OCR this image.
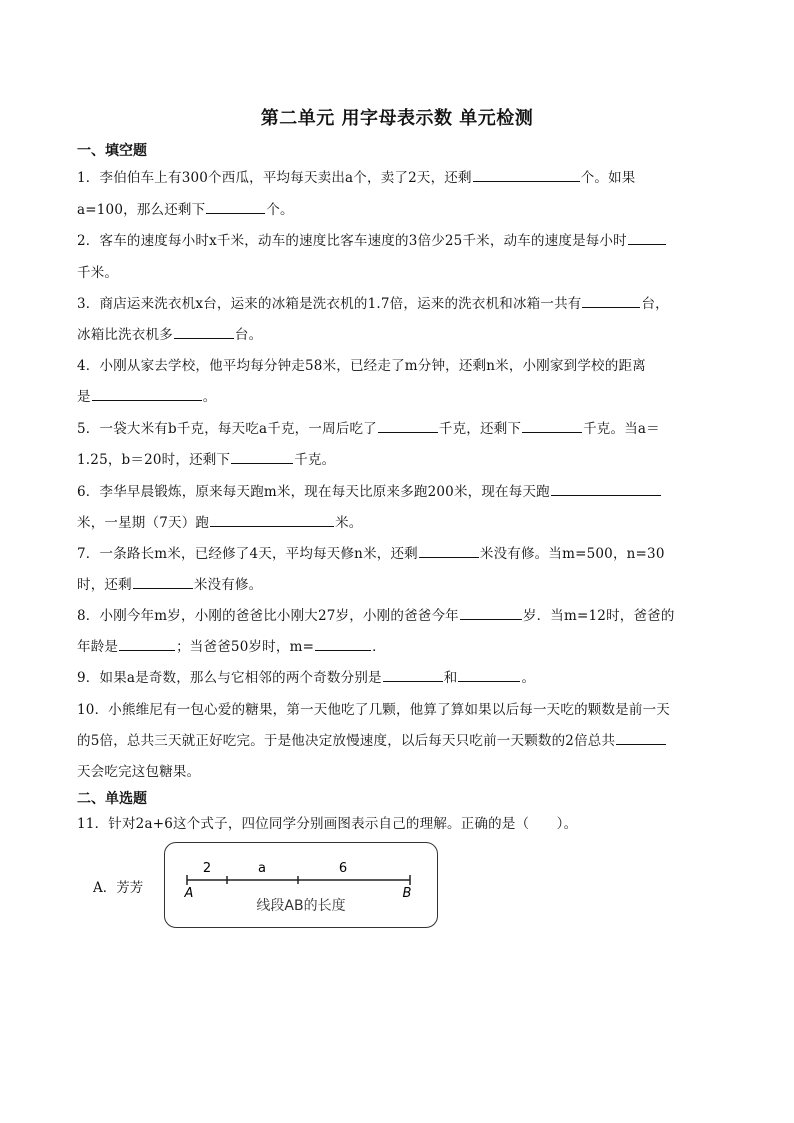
第二单元 用字母表示数 单元检测
一、填空题
1．李伯伯车上有300个西瓜，平均每天卖出a个，卖了2天，还剩	个。如果
a=100，那么还剩下	个。
2．客车的速度每小时x千米，动车的速度比客车速度的3倍少25千米，动车的速度是每小时
千米。
3．商店运来洗衣机x台，运来的冰箱是洗衣机的1.7倍，运来的洗衣机和冰箱一共有	台，
冰箱比洗衣机多	台。
4．小刚从家去学校，他平均每分钟走58米，已经走了m分钟，还剩n米，小刚家到学校的距离
是	。
5．一袋大米有b千克，每天吃a千克，一周后吃了	千克，还剩下	千克。当a＝
1.25，b＝20时，还剩下	千克。
6．李华早晨锻炼，原来每天跑m米，现在每天比原来多跑200米，现在每天跑
米，一星期（7天）跑	米。
7．一条路长m米，已经修了4天，平均每天修n米，还剩	米没有修。当m=500，n=30
时，还剩	米没有修。
8．小刚今年m岁，小刚的爸爸比小刚大27岁，小刚的爸爸今年	岁．当m=12时，爸爸的
年龄是	；当爸爸50岁时，m=	．
9．如果a是奇数，那么与它相邻的两个奇数分别是	和	。
10．小熊维尼有一包心爱的糖果，第一天他吃了几颗，他算了算如果以后每一天吃的颗数是前一天
的5倍，总共三天就正好吃完。于是他决定放慢速度，以后每天只吃前一天颗数的2倍总共
天会吃完这包糖果。
二、单选题
11．针对2a+6这个式子，四位同学分别画图表示自己的理解。正确的是（　　）。
A．芳芳
2	a	6
A	B
线段AB的长度
